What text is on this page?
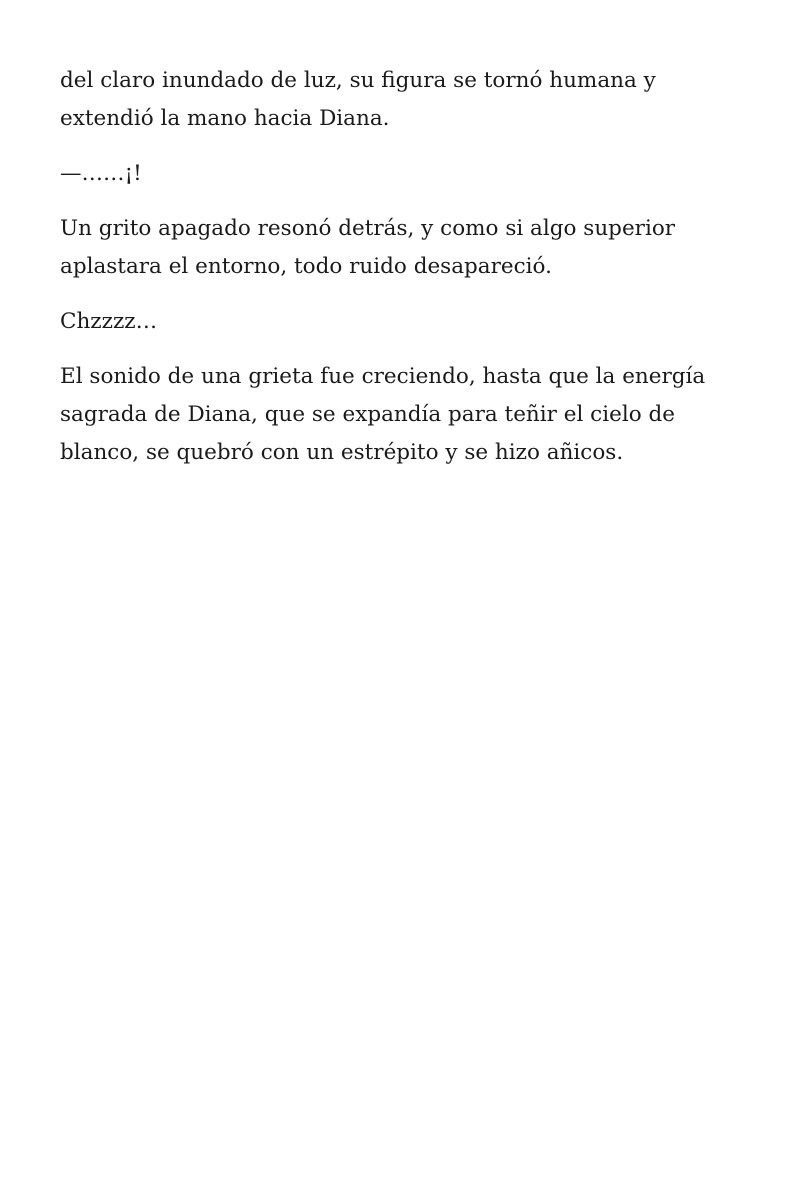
del claro inundado de luz, su figura se tornó humana y extendió la mano hacia Diana.

—……¡!

Un grito apagado resonó detrás, y como si algo superior aplastara el entorno, todo ruido desapareció.

Chzzzz…

El sonido de una grieta fue creciendo, hasta que la energía sagrada de Diana, que se expandía para teñir el cielo de blanco, se quebró con un estrépito y se hizo añicos.
